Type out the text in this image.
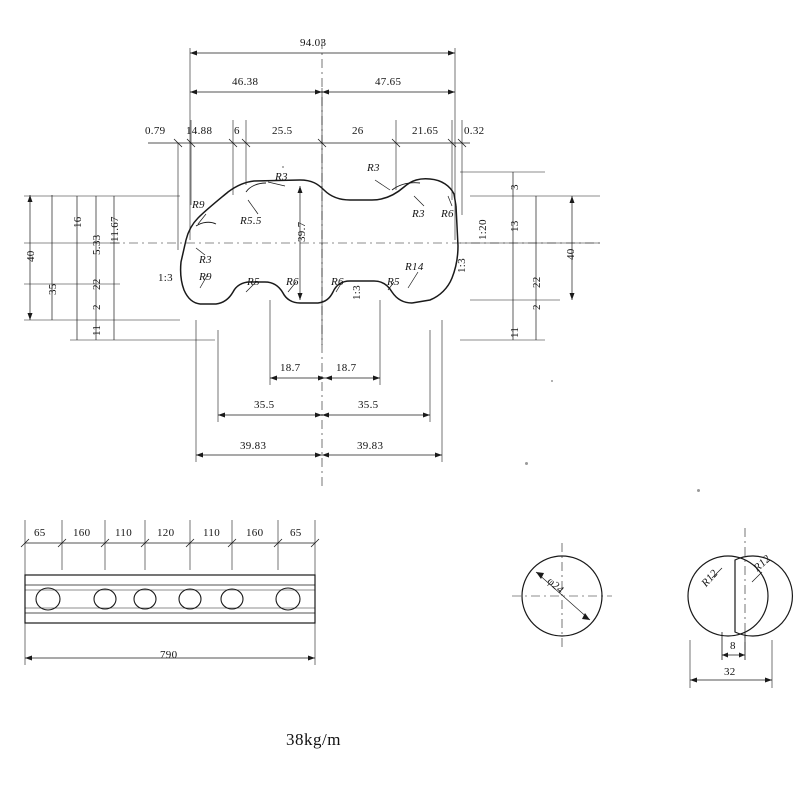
94.03
46.38	47.65
0.79 14.88 6	25.5	26	21.65 0.32
40
35
16
5.33
11.67
22
11
2
3
13
1:20
40
22
11
2
39.7
R9
R3
R5.5
R3
R3 R6
R3
R9	R5 R6	R6	R5
R14
1:3
1:3
1:3
18.7	18.7
35.5	35.5
39.83	39.83
65 160 110 120	110 160 65
790
φ24	R12
R12
8
32
38kg/m
